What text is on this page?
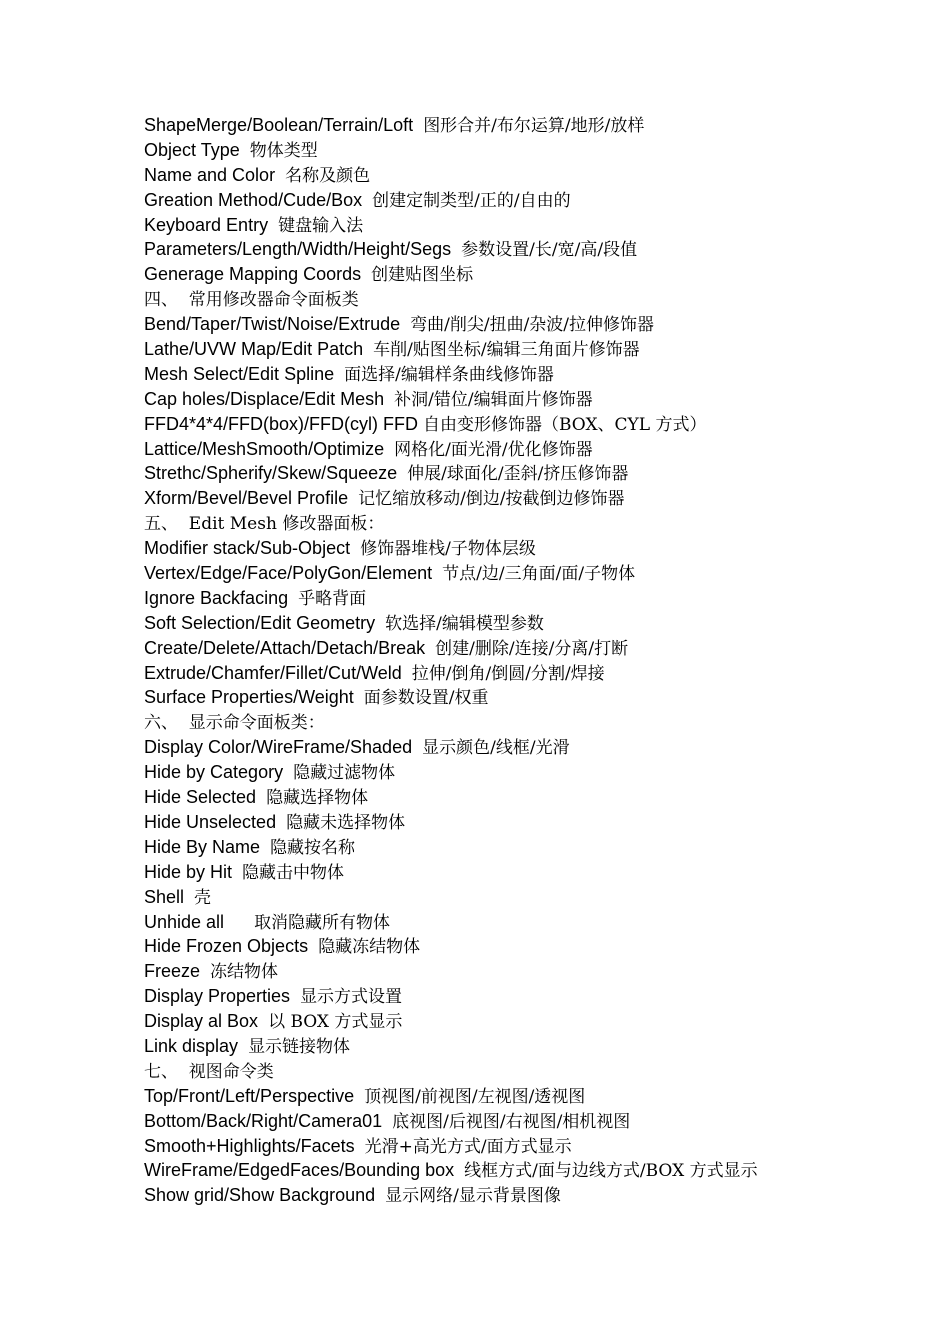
ShapeMerge/Boolean/Terrain/Loft  图形合并/布尔运算/地形/放样
Object Type  物体类型
Name and Color  名称及颜色
Greation Method/Cude/Box  创建定制类型/正的/自由的
Keyboard Entry  键盘输入法
Parameters/Length/Width/Height/Segs  参数设置/长/宽/高/段值
Generage Mapping Coords  创建贴图坐标
四、  常用修改器命令面板类
Bend/Taper/Twist/Noise/Extrude  弯曲/削尖/扭曲/杂波/拉伸修饰器
Lathe/UVW Map/Edit Patch  车削/贴图坐标/编辑三角面片修饰器
Mesh Select/Edit Spline  面选择/编辑样条曲线修饰器
Cap holes/Displace/Edit Mesh  补洞/错位/编辑面片修饰器
FFD4*4*4/FFD(box)/FFD(cyl) FFD 自由变形修饰器（BOX、CYL 方式）
Lattice/MeshSmooth/Optimize  网格化/面光滑/优化修饰器
Strethc/Spherify/Skew/Squeeze  伸展/球面化/歪斜/挤压修饰器
Xform/Bevel/Bevel Profile  记忆缩放移动/倒边/按截倒边修饰器
五、  Edit Mesh 修改器面板：
Modifier stack/Sub-Object  修饰器堆栈/子物体层级
Vertex/Edge/Face/PolyGon/Element  节点/边/三角面/面/子物体
Ignore Backfacing  乎略背面
Soft Selection/Edit Geometry  软选择/编辑模型参数
Create/Delete/Attach/Detach/Break  创建/删除/连接/分离/打断
Extrude/Chamfer/Fillet/Cut/Weld  拉伸/倒角/倒圆/分割/焊接
Surface Properties/Weight  面参数设置/权重
六、  显示命令面板类：
Display Color/WireFrame/Shaded  显示颜色/线框/光滑
Hide by Category  隐藏过滤物体
Hide Selected  隐藏选择物体
Hide Unselected  隐藏未选择物体
Hide By Name  隐藏按名称
Hide by Hit  隐藏击中物体
Shell  壳
Unhide all      取消隐藏所有物体
Hide Frozen Objects  隐藏冻结物体
Freeze  冻结物体
Display Properties  显示方式设置
Display al Box  以 BOX 方式显示
Link display  显示链接物体
七、  视图命令类
Top/Front/Left/Perspective  顶视图/前视图/左视图/透视图
Bottom/Back/Right/Camera01  底视图/后视图/右视图/相机视图
Smooth+Highlights/Facets  光滑+高光方式/面方式显示
WireFrame/EdgedFaces/Bounding box  线框方式/面与边线方式/BOX 方式显示
Show grid/Show Background  显示网络/显示背景图像
